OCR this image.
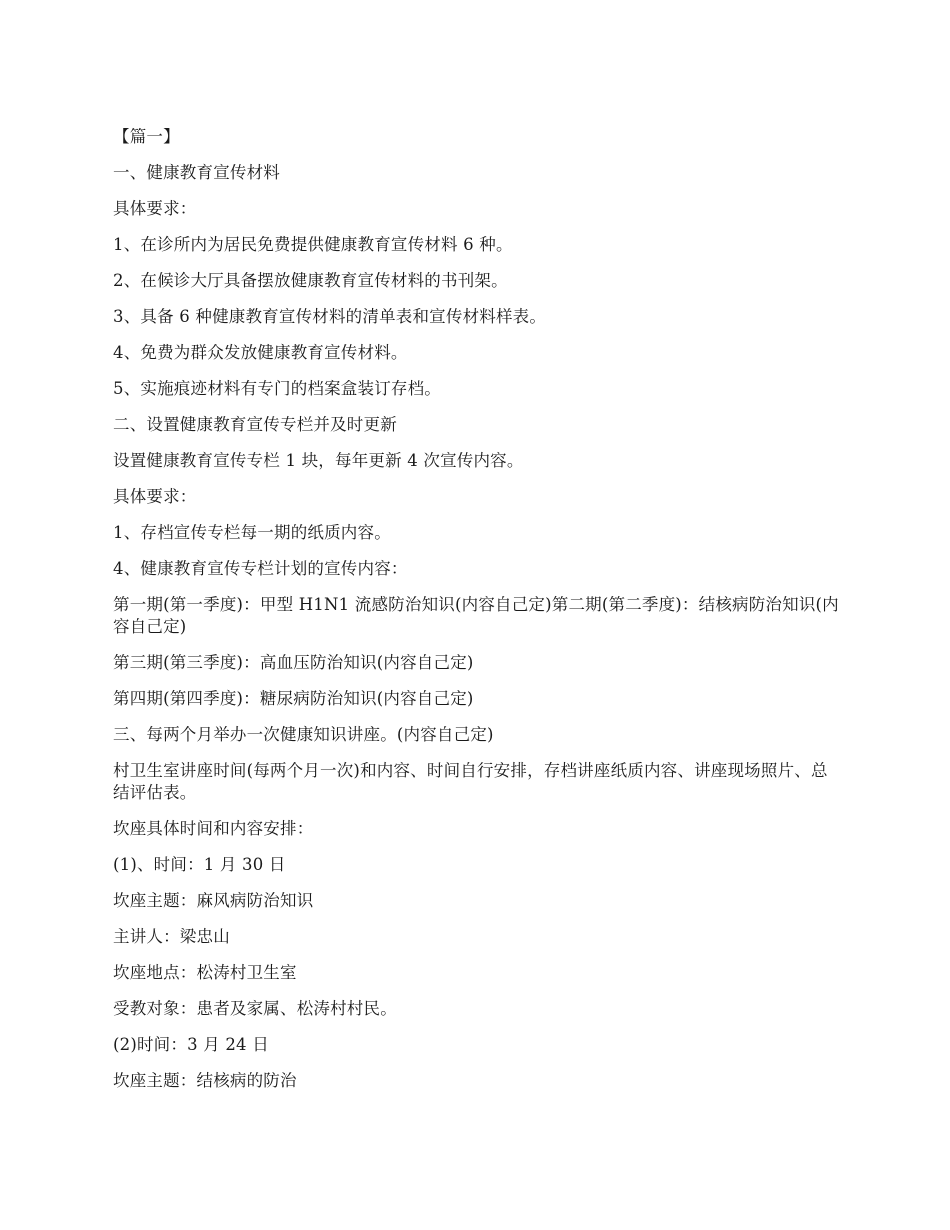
【篇一】

一、健康教育宣传材料

具体要求：

1、在诊所内为居民免费提供健康教育宣传材料 6 种。

2、在候诊大厅具备摆放健康教育宣传材料的书刊架。

3、具备 6 种健康教育宣传材料的清单表和宣传材料样表。

4、免费为群众发放健康教育宣传材料。

5、实施痕迹材料有专门的档案盒装订存档。

二、设置健康教育宣传专栏并及时更新

设置健康教育宣传专栏 1 块，每年更新 4 次宣传内容。

具体要求：

1、存档宣传专栏每一期的纸质内容。

4、健康教育宣传专栏计划的宣传内容：

第一期(第一季度)：甲型 H1N1 流感防治知识(内容自己定)第二期(第二季度)：结核病防治知识(内容自己定)

第三期(第三季度)：高血压防治知识(内容自己定)

第四期(第四季度)：糖尿病防治知识(内容自己定)

三、每两个月举办一次健康知识讲座。(内容自己定)

村卫生室讲座时间(每两个月一次)和内容、时间自行安排，存档讲座纸质内容、讲座现场照片、总结评估表。

坎座具体时间和内容安排：

(1)、时间：1 月 30 日

坎座主题：麻风病防治知识

主讲人：梁忠山

坎座地点：松涛村卫生室

受教对象：患者及家属、松涛村村民。

(2)时间：3 月 24 日

坎座主题：结核病的防治
